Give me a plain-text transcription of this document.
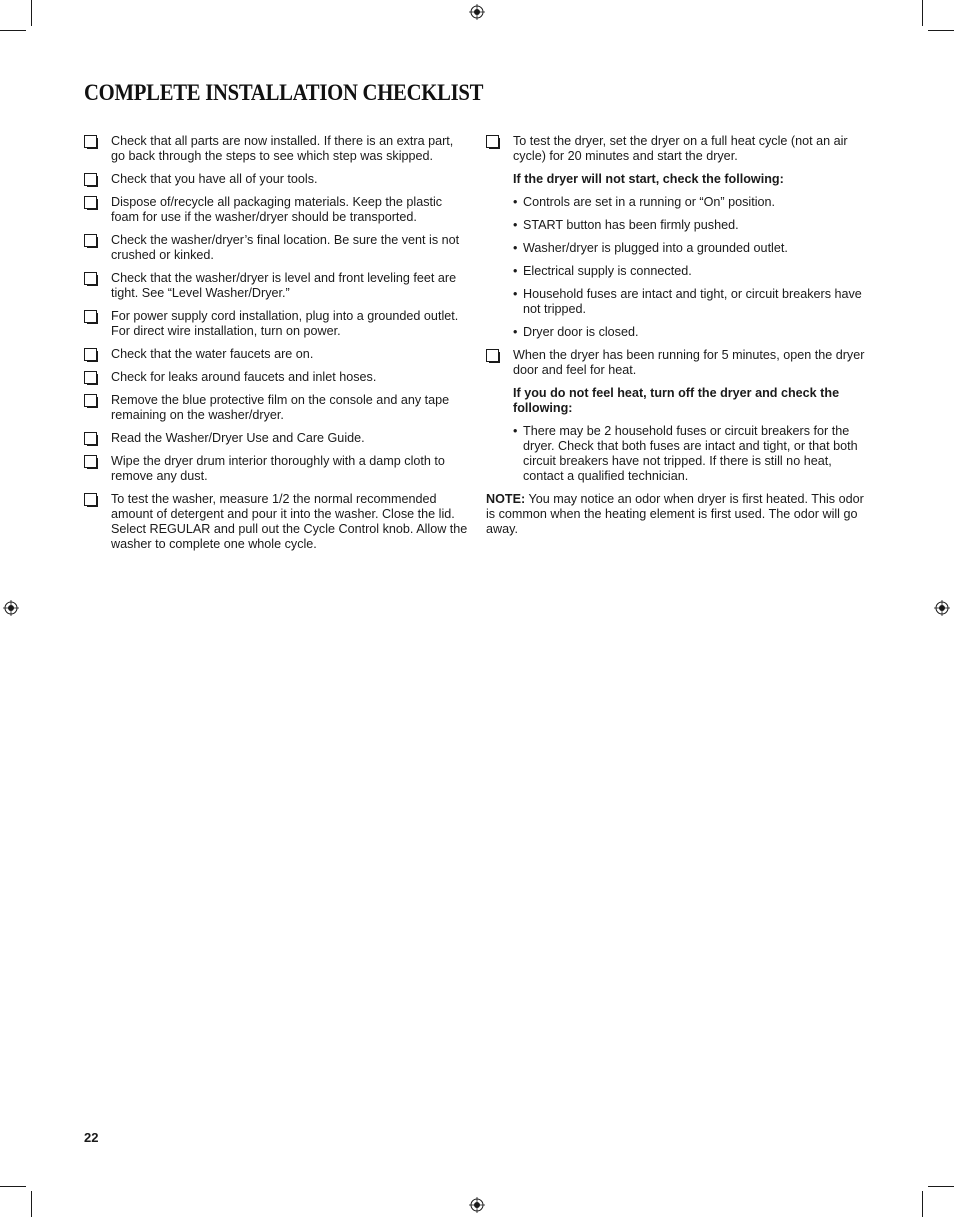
COMPLETE INSTALLATION CHECKLIST
Check that all parts are now installed. If there is an extra part, go back through the steps to see which step was skipped.
Check that you have all of your tools.
Dispose of/recycle all packaging materials. Keep the plastic foam for use if the washer/dryer should be transported.
Check the washer/dryer’s final location. Be sure the vent is not crushed or kinked.
Check that the washer/dryer is level and front leveling feet are tight. See “Level Washer/Dryer.”
For power supply cord installation, plug into a grounded outlet. For direct wire installation, turn on power.
Check that the water faucets are on.
Check for leaks around faucets and inlet hoses.
Remove the blue protective film on the console and any tape remaining on the washer/dryer.
Read the Washer/Dryer Use and Care Guide.
Wipe the dryer drum interior thoroughly with a damp cloth to remove any dust.
To test the washer, measure 1/2 the normal recommended amount of detergent and pour it into the washer. Close the lid. Select REGULAR and pull out the Cycle Control knob. Allow the washer to complete one whole cycle.
To test the dryer, set the dryer on a full heat cycle (not an air cycle) for 20 minutes and start the dryer.
If the dryer will not start, check the following:
• Controls are set in a running or “On” position.
• START button has been firmly pushed.
• Washer/dryer is plugged into a grounded outlet.
• Electrical supply is connected.
• Household fuses are intact and tight, or circuit breakers have not tripped.
• Dryer door is closed.
When the dryer has been running for 5 minutes, open the dryer door and feel for heat.
If you do not feel heat, turn off the dryer and check the following:
• There may be 2 household fuses or circuit breakers for the dryer. Check that both fuses are intact and tight, or that both circuit breakers have not tripped. If there is still no heat, contact a qualified technician.
NOTE: You may notice an odor when dryer is first heated. This odor is common when the heating element is first used. The odor will go away.
22
